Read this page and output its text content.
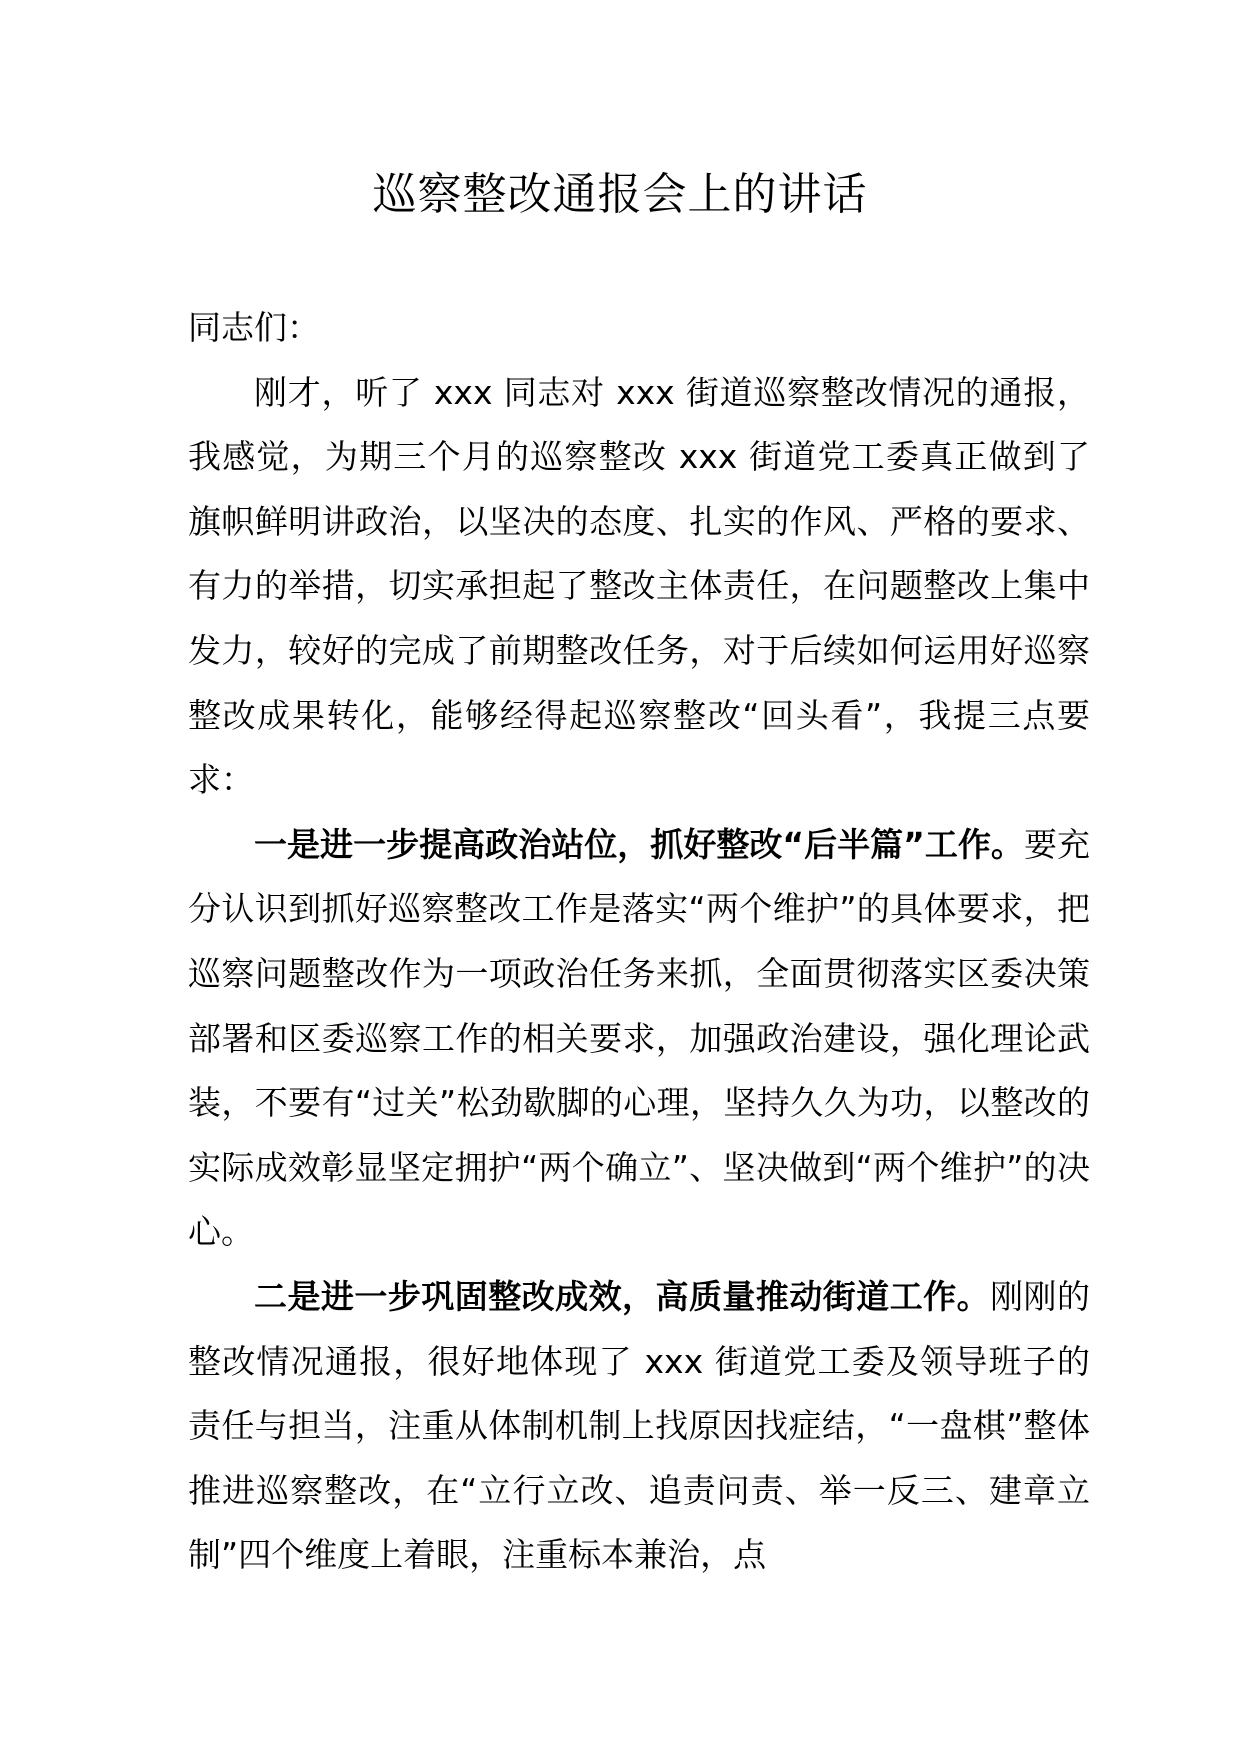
巡察整改通报会上的讲话

同志们：

刚才，听了 xxx 同志对 xxx 街道巡察整改情况的通报，我感觉，为期三个月的巡察整改 xxx 街道党工委真正做到了旗帜鲜明讲政治，以坚决的态度、扎实的作风、严格的要求、有力的举措，切实承担起了整改主体责任，在问题整改上集中发力，较好的完成了前期整改任务，对于后续如何运用好巡察整改成果转化，能够经得起巡察整改“回头看”，我提三点要求：

一是进一步提高政治站位，抓好整改“后半篇”工作。要充分认识到抓好巡察整改工作是落实“两个维护”的具体要求，把巡察问题整改作为一项政治任务来抓，全面贯彻落实区委决策部署和区委巡察工作的相关要求，加强政治建设，强化理论武装，不要有“过关”松劲歇脚的心理，坚持久久为功，以整改的实际成效彰显坚定拥护“两个确立”、坚决做到“两个维护”的决心。

二是进一步巩固整改成效，高质量推动街道工作。刚刚的整改情况通报，很好地体现了 xxx 街道党工委及领导班子的责任与担当，注重从体制机制上找原因找症结，“一盘棋”整体推进巡察整改，在“立行立改、追责问责、举一反三、建章立制”四个维度上着眼，注重标本兼治，点
